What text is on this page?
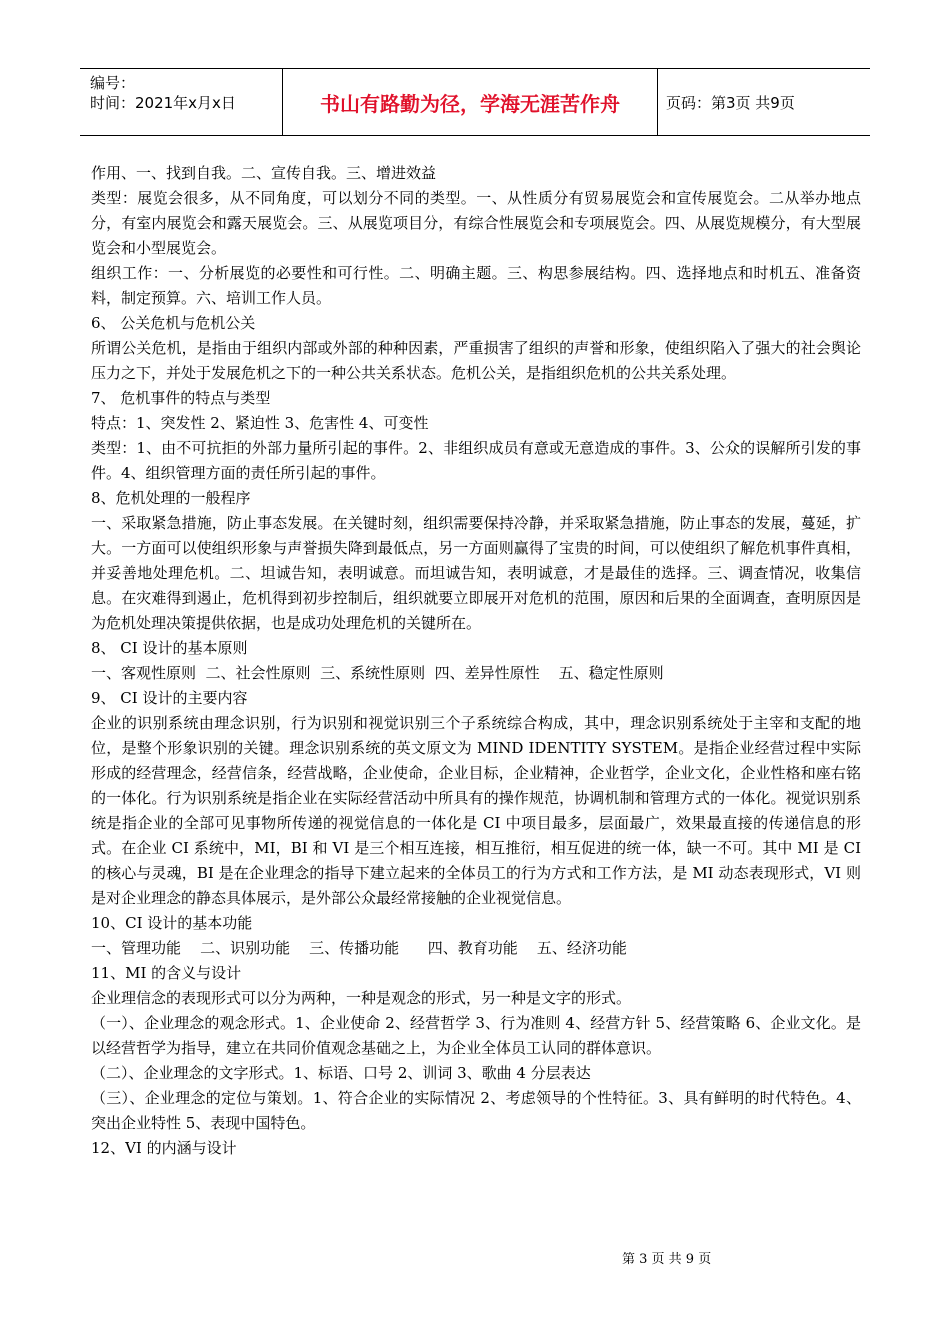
编号：
时间：2021年x月x日	书山有路勤为径，学海无涯苦作舟	页码：第3页 共9页

作用、一、找到自我。二、宣传自我。三、增进效益

类型：展览会很多，从不同角度，可以划分不同的类型。一、从性质分有贸易展览会和宣传展览会。二从举办地点分，有室内展览会和露天展览会。三、从展览项目分，有综合性展览会和专项展览会。四、从展览规模分，有大型展览会和小型展览会。

组织工作：一、分析展览的必要性和可行性。二、明确主题。三、构思参展结构。四、选择地点和时机五、准备资料，制定预算。六、培训工作人员。

6、 公关危机与危机公关

所谓公关危机，是指由于组织内部或外部的种种因素，严重损害了组织的声誉和形象，使组织陷入了强大的社会舆论压力之下，并处于发展危机之下的一种公共关系状态。危机公关，是指组织危机的公共关系处理。

7、 危机事件的特点与类型

特点：1、突发性 2、紧迫性 3、危害性 4、可变性

类型：1、由不可抗拒的外部力量所引起的事件。2、非组织成员有意或无意造成的事件。3、公众的误解所引发的事件。4、组织管理方面的责任所引起的事件。

8、危机处理的一般程序

一、采取紧急措施，防止事态发展。在关键时刻，组织需要保持冷静，并采取紧急措施，防止事态的发展，蔓延，扩大。一方面可以使组织形象与声誉损失降到最低点，另一方面则赢得了宝贵的时间，可以使组织了解危机事件真相，并妥善地处理危机。二、坦诚告知，表明诚意。而坦诚告知，表明诚意，才是最佳的选择。三、调查情况，收集信息。在灾难得到遏止，危机得到初步控制后，组织就要立即展开对危机的范围，原因和后果的全面调查，查明原因是为危机处理决策提供依据，也是成功处理危机的关键所在。

8、 CI 设计的基本原则

一、客观性原则  二、社会性原则  三、系统性原则  四、差异性原性    五、稳定性原则

9、 CI 设计的主要内容

企业的识别系统由理念识别，行为识别和视觉识别三个子系统综合构成，其中，理念识别系统处于主宰和支配的地位，是整个形象识别的关键。理念识别系统的英文原文为 MIND IDENTITY SYSTEM。是指企业经营过程中实际形成的经营理念，经营信条，经营战略，企业使命，企业目标，企业精神，企业哲学，企业文化，企业性格和座右铭的一体化。行为识别系统是指企业在实际经营活动中所具有的操作规范，协调机制和管理方式的一体化。视觉识别系统是指企业的全部可见事物所传递的视觉信息的一体化是 CI 中项目最多，层面最广，效果最直接的传递信息的形式。在企业 CI 系统中，MI，BI 和 VI 是三个相互连接，相互推衍，相互促进的统一体，缺一不可。其中 MI 是 CI 的核心与灵魂，BI 是在企业理念的指导下建立起来的全体员工的行为方式和工作方法，是 MI 动态表现形式，VI 则是对企业理念的静态具体展示，是外部公众最经常接触的企业视觉信息。

10、CI 设计的基本功能

一、管理功能    二、识别功能    三、传播功能      四、教育功能    五、经济功能

11、MI 的含义与设计

企业理信念的表现形式可以分为两种，一种是观念的形式，另一种是文字的形式。

（一）、企业理念的观念形式。1、企业使命 2、经营哲学 3、行为准则 4、经营方针 5、经营策略 6、企业文化。是以经营哲学为指导，建立在共同价值观念基础之上，为企业全体员工认同的群体意识。

（二）、企业理念的文字形式。1、标语、口号 2、训词 3、歌曲 4 分层表达

（三）、企业理念的定位与策划。1、符合企业的实际情况 2、考虑领导的个性特征。3、具有鲜明的时代特色。4、突出企业特性 5、表现中国特色。

12、VI 的内涵与设计

第 3 页 共 9 页
